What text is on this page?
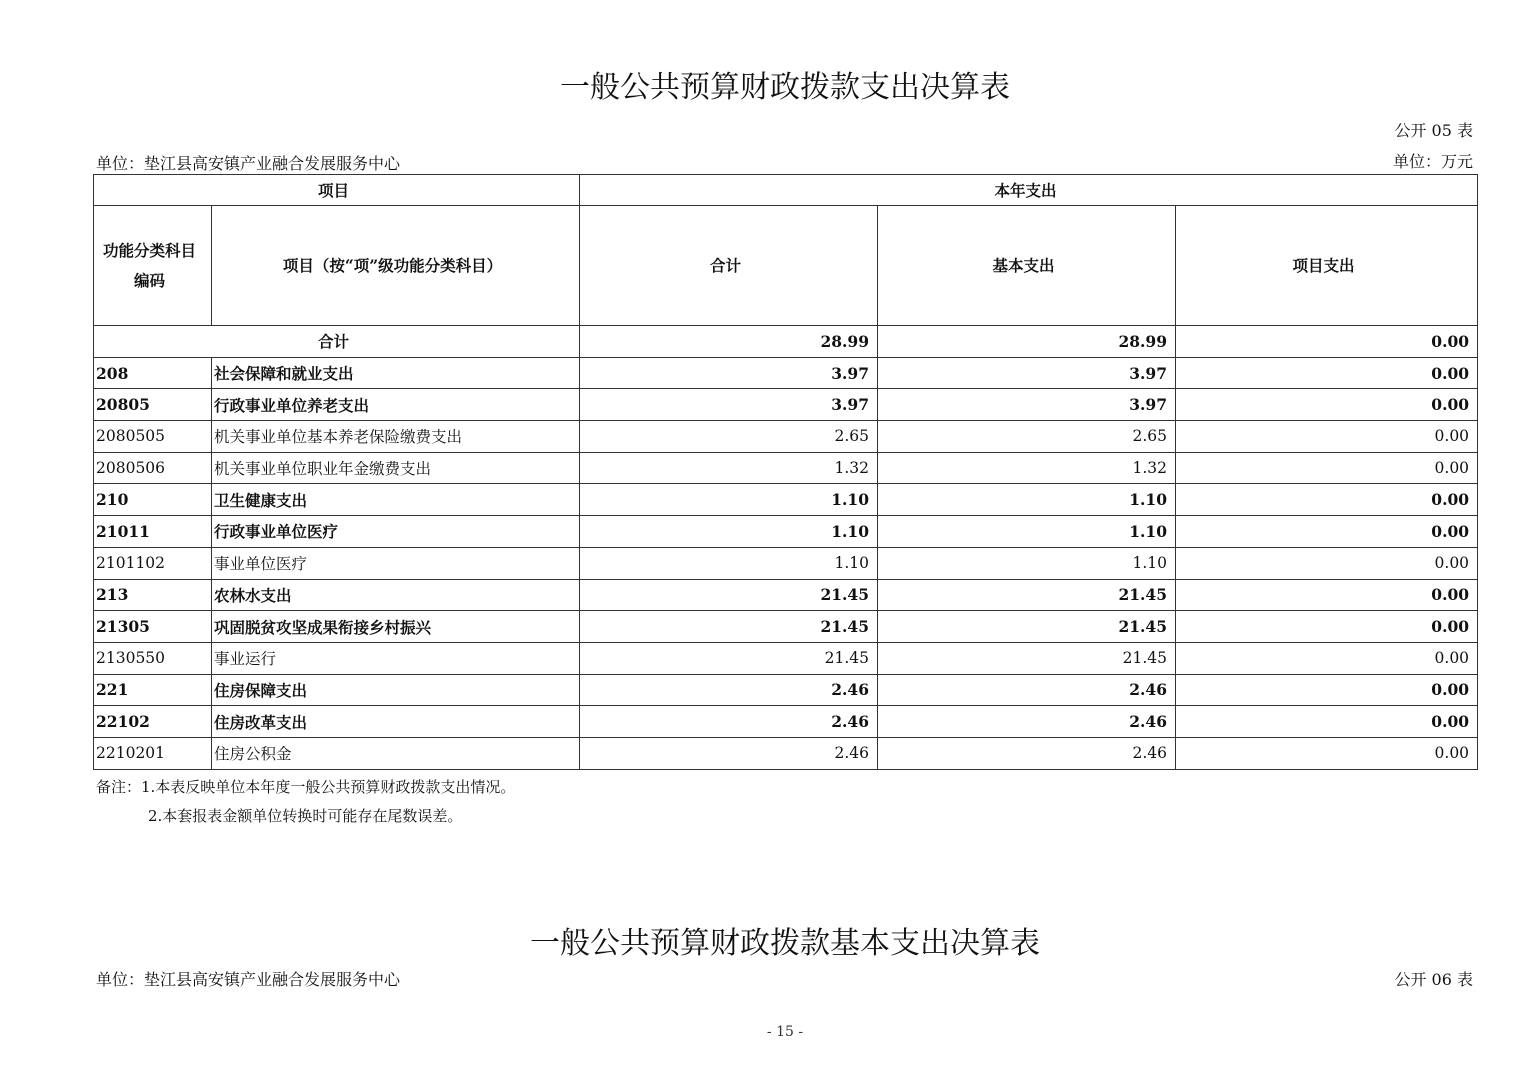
一般公共预算财政拨款支出决算表
公开 05 表
单位：垫江县高安镇产业融合发展服务中心	单位：万元
项目		本年支出		
功能分类科目编码	项目（按“项”级功能分类科目）	合计	基本支出	项目支出
合计		28.99	28.99	0.00
208	社会保障和就业支出	3.97	3.97	0.00
20805	行政事业单位养老支出	3.97	3.97	0.00
2080505	机关事业单位基本养老保险缴费支出	2.65	2.65	0.00
2080506	机关事业单位职业年金缴费支出	1.32	1.32	0.00
210	卫生健康支出	1.10	1.10	0.00
21011	行政事业单位医疗	1.10	1.10	0.00
2101102	事业单位医疗	1.10	1.10	0.00
213	农林水支出	21.45	21.45	0.00
21305	巩固脱贫攻坚成果衔接乡村振兴	21.45	21.45	0.00
2130550	事业运行	21.45	21.45	0.00
221	住房保障支出	2.46	2.46	0.00
22102	住房改革支出	2.46	2.46	0.00
2210201	住房公积金	2.46	2.46	0.00
备注：1.本表反映单位本年度一般公共预算财政拨款支出情况。
2.本套报表金额单位转换时可能存在尾数误差。
一般公共预算财政拨款基本支出决算表
单位：垫江县高安镇产业融合发展服务中心	公开 06 表
- 15 -
